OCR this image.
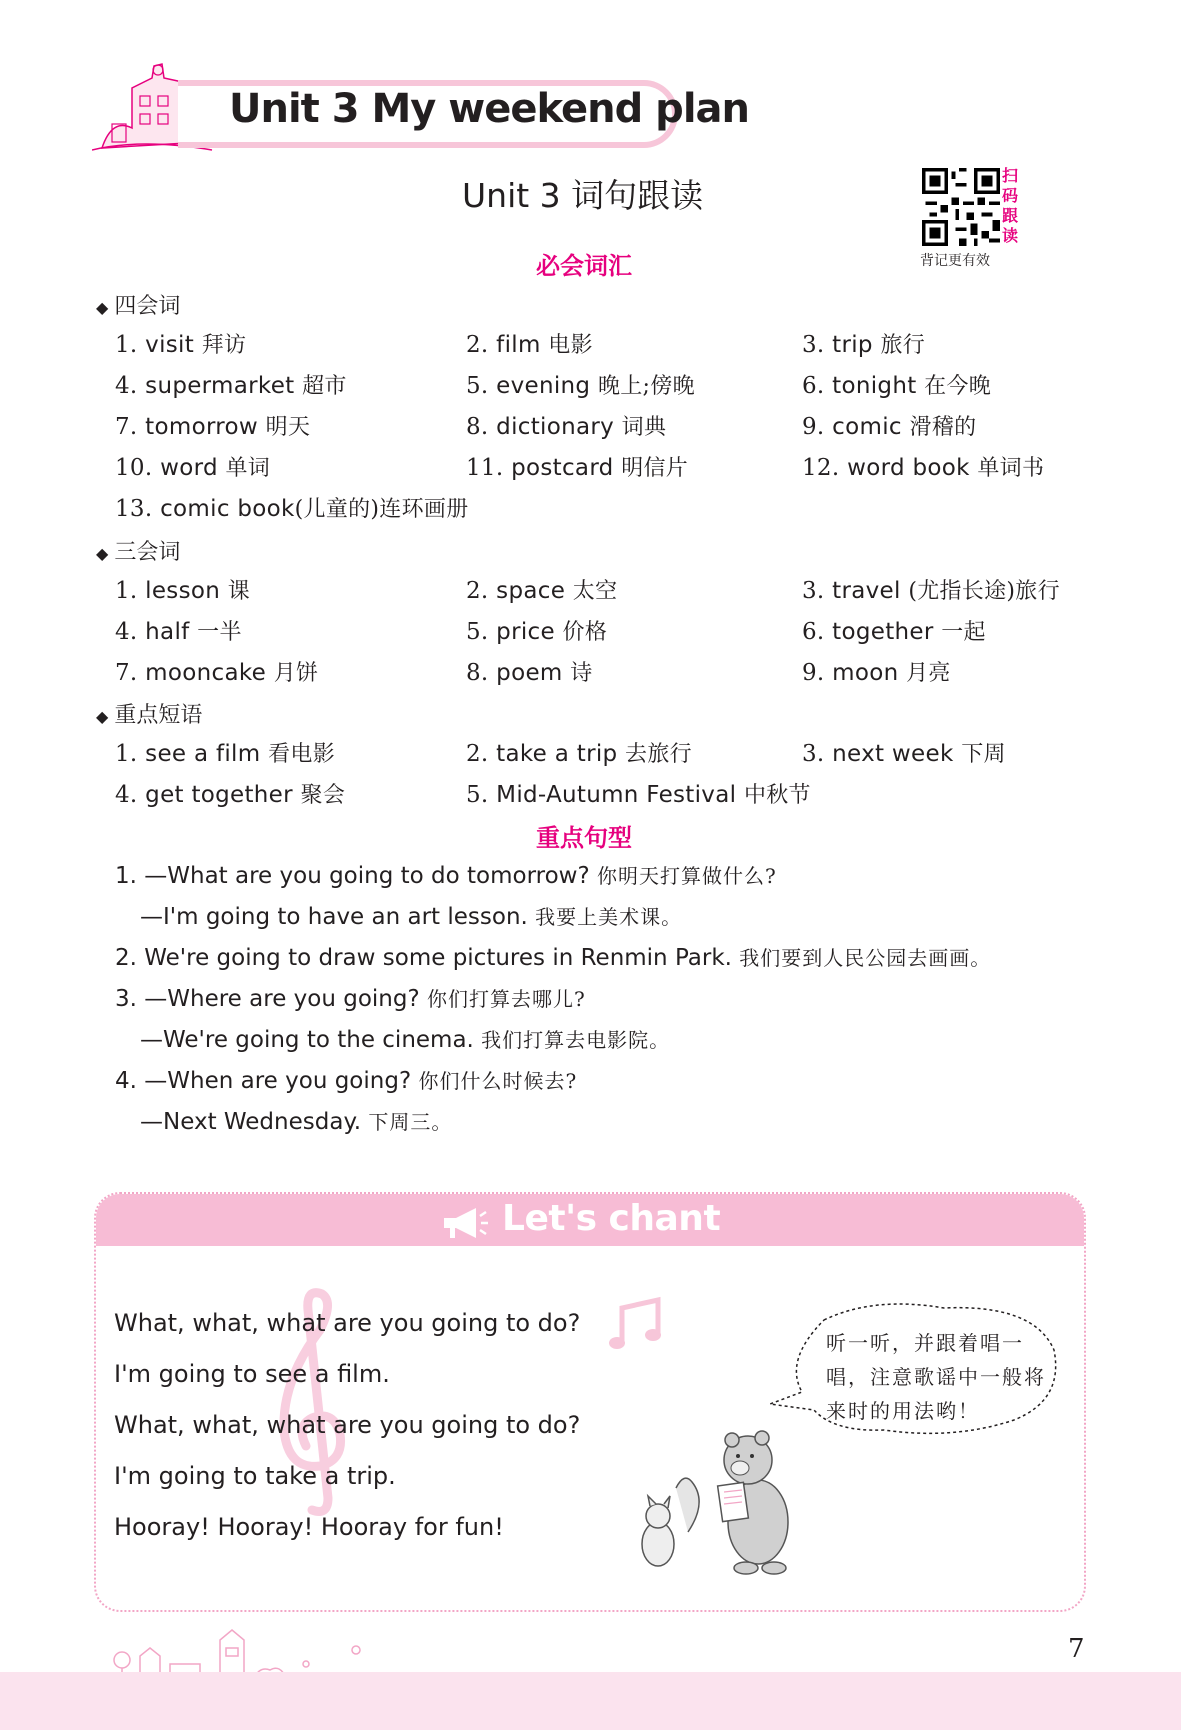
Unit 3 My weekend plan
Unit 3 词句跟读
扫码跟读
背记更有效
必会词汇
◆ 四会词
1. visit 拜访	2. film 电影	3. trip 旅行
4. supermarket 超市	5. evening 晚上;傍晚	6. tonight 在今晚
7. tomorrow 明天	8. dictionary 词典	9. comic 滑稽的
10. word 单词	11. postcard 明信片	12. word book 单词书
13. comic book(儿童的)连环画册
◆ 三会词
1. lesson 课	2. space 太空	3. travel (尤指长途)旅行
4. half 一半	5. price 价格	6. together 一起
7. mooncake 月饼	8. poem 诗	9. moon 月亮
◆ 重点短语
1. see a film 看电影	2. take a trip 去旅行	3. next week 下周
4. get together 聚会	5. Mid-Autumn Festival 中秋节
重点句型
1. —What are you going to do tomorrow? 你明天打算做什么?
—I'm going to have an art lesson. 我要上美术课。
2. We're going to draw some pictures in Renmin Park. 我们要到人民公园去画画。
3. —Where are you going? 你们打算去哪儿?
—We're going to the cinema. 我们打算去电影院。
4. —When are you going? 你们什么时候去?
—Next Wednesday. 下周三。
Let's chant
What, what, what are you going to do?
I'm going to see a film.
What, what, what are you going to do?
I'm going to take a trip.
Hooray! Hooray! Hooray for fun!
听一听，并跟着唱一唱，注意歌谣中一般将来时的用法哟！
7
